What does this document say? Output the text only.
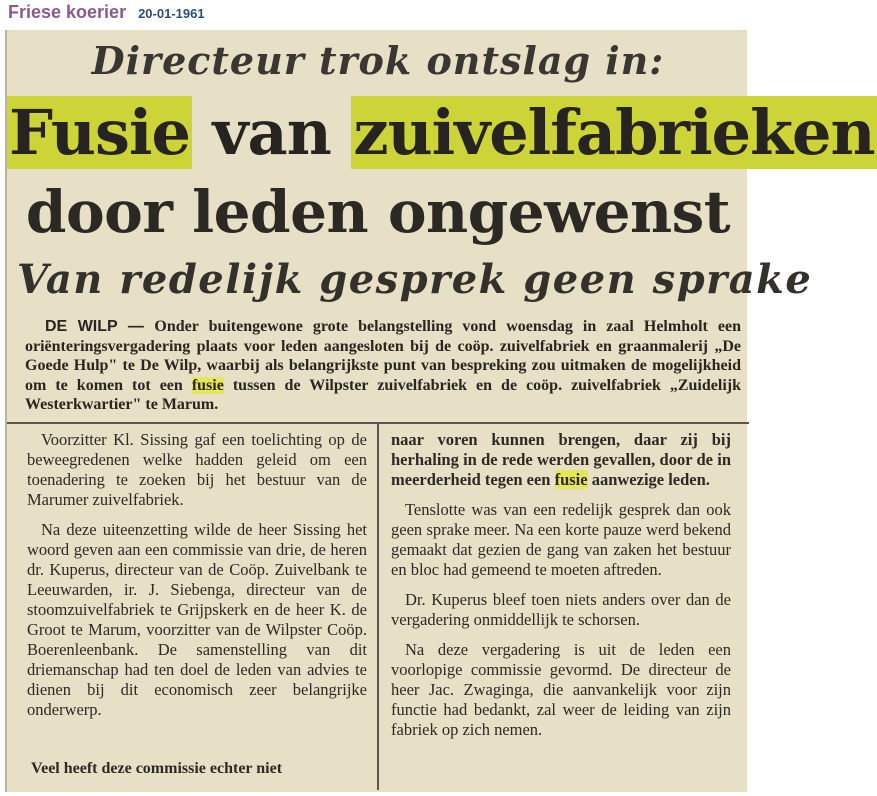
Friese koerier 20-01-1961
Directeur trok ontslag in:
Fusie van zuivelfabrieken
door leden ongewenst
Van redelijk gesprek geen sprake
DE WILP — Onder buitengewone grote belangstelling vond woensdag in zaal Helmholt een oriënteringsvergadering plaats voor leden aangesloten bij de coöp. zuivelfabriek en graanmalerij „De Goede Hulp" te De Wilp, waarbij als belangrijkste punt van bespreking zou uitmaken de mogelijkheid om te komen tot een fusie tussen de Wilpster zuivelfabriek en de coöp. zuivelfabriek „Zuidelijk Westerkwartier" te Marum.

Voorzitter Kl. Sissing gaf een toelichting op de beweegredenen welke hadden geleid om een toenadering te zoeken bij het bestuur van de Marumer zuivelfabriek.

Na deze uiteenzetting wilde de heer Sissing het woord geven aan een commissie van drie, de heren dr. Kuperus, directeur van de Coöp. Zuivelbank te Leeuwarden, ir. J. Siebenga, directeur van de stoomzuivelfabriek te Grijpskerk en de heer K. de Groot te Marum, voorzitter van de Wilpster Coöp. Boerenleenbank. De samenstelling van dit driemanschap had ten doel de leden van advies te dienen bij dit economisch zeer belangrijke onderwerp.

Veel heeft deze commissie echter niet

naar voren kunnen brengen, daar zij bij herhaling in de rede werden gevallen, door de in meerderheid tegen een fusie aanwezige leden.

Tenslotte was van een redelijk gesprek dan ook geen sprake meer. Na een korte pauze werd bekend gemaakt dat gezien de gang van zaken het bestuur en bloc had gemeend te moeten aftreden.

Dr. Kuperus bleef toen niets anders over dan de vergadering onmiddellijk te schorsen.

Na deze vergadering is uit de leden een voorlopige commissie gevormd. De directeur de heer Jac. Zwaginga, die aanvankelijk voor zijn functie had bedankt, zal weer de leiding van zijn fabriek op zich nemen.
